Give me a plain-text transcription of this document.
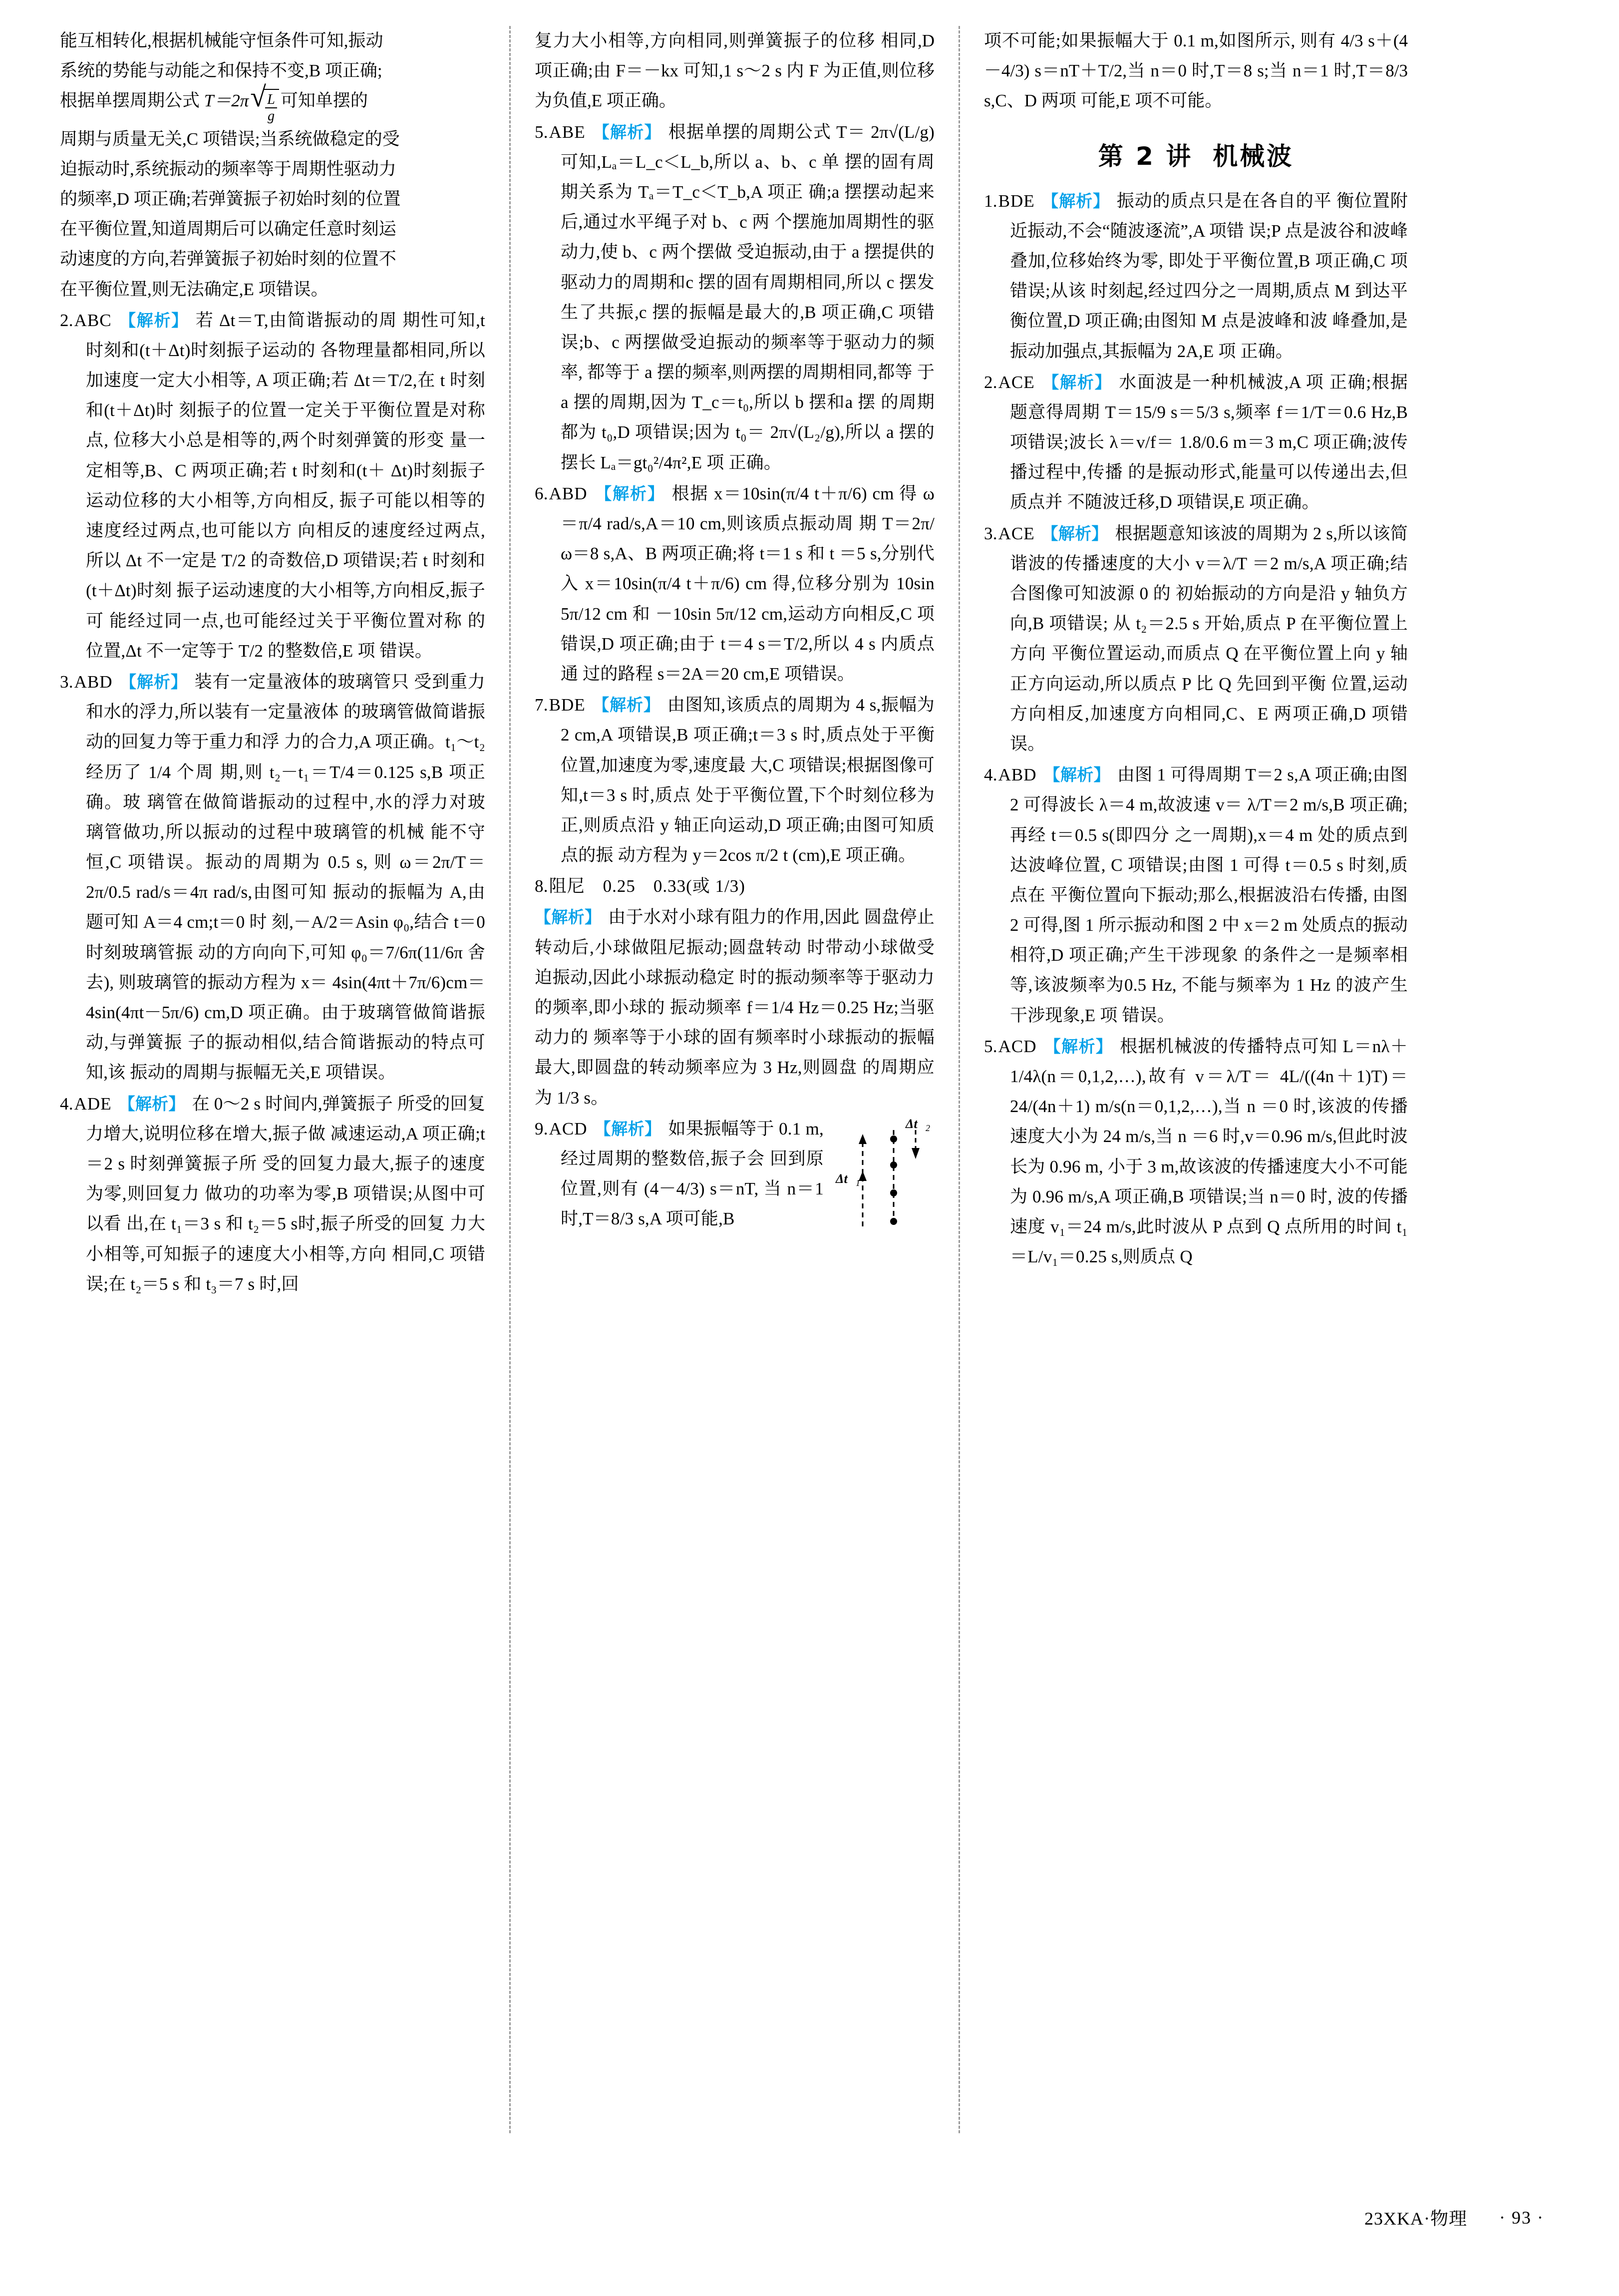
能互相转化,根据机械能守恒条件可知,振动
系统的势能与动能之和保持不变,B 项正确;
根据单摆周期公式 T＝2π √ $\frac{L}{g}$ 可知单摆的
周期与质量无关,C 项错误;当系统做稳定的受
迫振动时,系统振动的频率等于周期性驱动力
的频率,D 项正确;若弹簧振子初始时刻的位置
在平衡位置,知道周期后可以确定任意时刻运
动速度的方向,若弹簧振子初始时刻的位置不
在平衡位置,则无法确定,E 项错误。
2.ABC 【解析】 若 Δt＝T,由简谐振动的周 期性可知,t 时刻和(t＋Δt)时刻振子运动的 各物理量都相同,所以加速度一定大小相等, A 项正确;若 Δt＝T/2,在 t 时刻和(t＋Δt)时 刻振子的位置一定关于平衡位置是对称点, 位移大小总是相等的,两个时刻弹簧的形变 量一定相等,B、C 两项正确;若 t 时刻和(t＋ Δt)时刻振子运动位移的大小相等,方向相反, 振子可能以相等的速度经过两点,也可能以方 向相反的速度经过两点,所以 Δt 不一定是 T/2 的奇数倍,D 项错误;若 t 时刻和(t＋Δt)时刻 振子运动速度的大小相等,方向相反,振子可 能经过同一点,也可能经过关于平衡位置对称 的位置,Δt 不一定等于 T/2 的整数倍,E 项 错误。
3.ABD 【解析】 装有一定量液体的玻璃管只 受到重力和水的浮力,所以装有一定量液体 的玻璃管做简谐振动的回复力等于重力和浮 力的合力,A 项正确。t₁～t₂经历了 1/4 个周 期,则 t₂－t₁＝T/4＝0.125 s,B 项正确。玻 璃管在做简谐振动的过程中,水的浮力对玻 璃管做功,所以振动的过程中玻璃管的机械 能不守恒,C 项错误。振动的周期为 0.5 s, 则 ω＝2π/T＝2π/0.5 rad/s＝4π rad/s,由图可知 振动的振幅为 A,由题可知 A＝4 cm;t＝0 时 刻,－A/2＝Asin φ₀,结合 t＝0 时刻玻璃管振 动的方向向下,可知 φ₀＝7/6π(11/6π 舍去), 则玻璃管的振动方程为 x＝ 4sin(4πt＋7π/6)cm＝4sin(4πt－5π/6) cm,D 项正确。由于玻璃管做简谐振动,与弹簧振 子的振动相似,结合简谐振动的特点可知,该 振动的周期与振幅无关,E 项错误。
4.ADE 【解析】 在 0～2 s 时间内,弹簧振子 所受的回复力增大,说明位移在增大,振子做 减速运动,A 项正确;t＝2 s 时刻弹簧振子所 受的回复力最大,振子的速度为零,则回复力 做功的功率为零,B 项错误;从图中可以看 出,在 t₁＝3 s 和 t₂＝5 s时,振子所受的回复 力大小相等,可知振子的速度大小相等,方向 相同,C 项错误;在 t₂＝5 s 和 t₃＝7 s 时,回
复力大小相等,方向相同,则弹簧振子的位移 相同,D 项正确;由 F＝－kx 可知,1 s～2 s 内 F 为正值,则位移为负值,E 项正确。
5.ABE 【解析】 根据单摆的周期公式 T＝ 2π√(L/g) 可知,Lₐ＝L_c＜L_b,所以 a、b、c 单 摆的固有周期关系为 Tₐ＝T_c＜T_b,A 项正 确;a 摆摆动起来后,通过水平绳子对 b、c 两 个摆施加周期性的驱动力,使 b、c 两个摆做 受迫振动,由于 a 摆提供的驱动力的周期和c 摆的固有周期相同,所以 c 摆发生了共振,c 摆的振幅是最大的,B 项正确,C 项错误;b、c 两摆做受迫振动的频率等于驱动力的频率, 都等于 a 摆的频率,则两摆的周期相同,都等 于 a 摆的周期,因为 T_c＝t₀,所以 b 摆和a 摆 的周期都为 t₀,D 项错误;因为 t₀＝ 2π√(L₂/g),所以 a 摆的摆长 Lₐ＝gt₀²/4π²,E 项 正确。
6.ABD 【解析】 根据 x＝10sin(π/4 t＋π/6) cm 得 ω＝π/4 rad/s,A＝10 cm,则该质点振动周 期 T＝2π/ω＝8 s,A、B 两项正确;将 t＝1 s 和 t ＝5 s,分别代入 x＝10sin(π/4 t＋π/6) cm 得,位移分别为 10sin 5π/12 cm 和 －10sin 5π/12 cm,运动方向相反,C 项错误,D 项正确;由于 t＝4 s＝T/2,所以 4 s 内质点通 过的路程 s＝2A＝20 cm,E 项错误。
7.BDE 【解析】 由图知,该质点的周期为 4 s,振幅为 2 cm,A 项错误,B 项正确;t＝3 s 时,质点处于平衡位置,加速度为零,速度最 大,C 项错误;根据图像可知,t＝3 s 时,质点 处于平衡位置,下个时刻位移为正,则质点沿 y 轴正向运动,D 项正确;由图可知质点的振 动方程为 y＝2cos π/2 t (cm),E 项正确。
8.阻尼　0.25　0.33(或 1/3)
【解析】 由于水对小球有阻力的作用,因此 圆盘停止转动后,小球做阻尼振动;圆盘转动 时带动小球做受迫振动,因此小球振动稳定 时的振动频率等于驱动力的频率,即小球的 振动频率 f＝1/4 Hz＝0.25 Hz;当驱动力的 频率等于小球的固有频率时小球振动的振幅 最大,即圆盘的转动频率应为 3 Hz,则圆盘 的周期应为 1/3 s。
Δt 2
Δt 1
9.ACD 【解析】 如果振幅等于 0.1 m,经过周期的整数倍,振子会 回到原位置,则有 (4－4/3) s＝nT, 当 n＝1 时,T＝8/3 s,A 项可能,B
项不可能;如果振幅大于 0.1 m,如图所示, 则有 4/3 s＋(4－4/3) s＝nT＋T/2,当 n＝0 时,T＝8 s;当 n＝1 时,T＝8/3 s,C、D 两项 可能,E 项不可能。
第 2 讲 机械波
1.BDE 【解析】 振动的质点只是在各自的平 衡位置附近振动,不会“随波逐流”,A 项错 误;P 点是波谷和波峰叠加,位移始终为零, 即处于平衡位置,B 项正确,C 项错误;从该 时刻起,经过四分之一周期,质点 M 到达平 衡位置,D 项正确;由图知 M 点是波峰和波 峰叠加,是振动加强点,其振幅为 2A,E 项 正确。
2.ACE 【解析】 水面波是一种机械波,A 项 正确;根据题意得周期 T＝15/9 s＝5/3 s,频率 f＝1/T＝0.6 Hz,B 项错误;波长 λ＝v/f＝ 1.8/0.6 m＝3 m,C 项正确;波传播过程中,传播 的是振动形式,能量可以传递出去,但质点并 不随波迁移,D 项错误,E 项正确。
3.ACE 【解析】 根据题意知该波的周期为 2 s,所以该简谐波的传播速度的大小 v＝λ/T ＝2 m/s,A 项正确;结合图像可知波源 0 的 初始振动的方向是沿 y 轴负方向,B 项错误; 从 t₂＝2.5 s 开始,质点 P 在平衡位置上方向 平衡位置运动,而质点 Q 在平衡位置上向 y 轴正方向运动,所以质点 P 比 Q 先回到平衡 位置,运动方向相反,加速度方向相同,C、E 两项正确,D 项错误。
4.ABD 【解析】 由图 1 可得周期 T＝2 s,A 项正确;由图 2 可得波长 λ＝4 m,故波速 v＝ λ/T＝2 m/s,B 项正确;再经 t＝0.5 s(即四分 之一周期),x＝4 m 处的质点到达波峰位置, C 项错误;由图 1 可得 t＝0.5 s 时刻,质点在 平衡位置向下振动;那么,根据波沿右传播, 由图 2 可得,图 1 所示振动和图 2 中 x＝2 m 处质点的振动相符,D 项正确;产生干涉现象 的条件之一是频率相等,该波频率为0.5 Hz, 不能与频率为 1 Hz 的波产生干涉现象,E 项 错误。
5.ACD 【解析】 根据机械波的传播特点可知 L＝nλ＋1/4λ(n＝0,1,2,…),故有 v＝λ/T＝ 4L/((4n＋1)T)＝24/(4n＋1) m/s(n＝0,1,2,…),当 n ＝0 时,该波的传播速度大小为 24 m/s,当 n ＝6 时,v＝0.96 m/s,但此时波长为 0.96 m, 小于 3 m,故该波的传播速度大小不可能为 0.96 m/s,A 项正确,B 项错误;当 n＝0 时, 波的传播速度 v₁＝24 m/s,此时波从 P 点到 Q 点所用的时间 t₁＝L/v₁＝0.25 s,则质点 Q
23XKA·物理 · 93 ·
